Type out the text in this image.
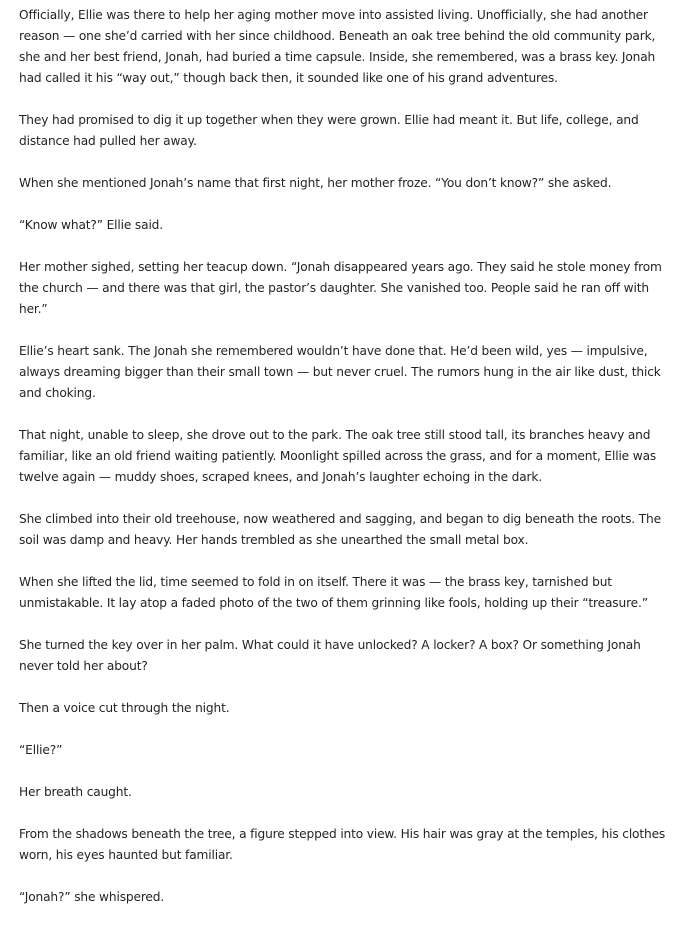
Officially, Ellie was there to help her aging mother move into assisted living. Unofficially, she had another reason — one she’d carried with her since childhood. Beneath an oak tree behind the old community park, she and her best friend, Jonah, had buried a time capsule. Inside, she remembered, was a brass key. Jonah had called it his “way out,” though back then, it sounded like one of his grand adventures.

They had promised to dig it up together when they were grown. Ellie had meant it. But life, college, and distance had pulled her away.

When she mentioned Jonah’s name that first night, her mother froze. “You don’t know?” she asked.

“Know what?” Ellie said.

Her mother sighed, setting her teacup down. “Jonah disappeared years ago. They said he stole money from the church — and there was that girl, the pastor’s daughter. She vanished too. People said he ran off with her.”

Ellie’s heart sank. The Jonah she remembered wouldn’t have done that. He’d been wild, yes — impulsive, always dreaming bigger than their small town — but never cruel. The rumors hung in the air like dust, thick and choking.

That night, unable to sleep, she drove out to the park. The oak tree still stood tall, its branches heavy and familiar, like an old friend waiting patiently. Moonlight spilled across the grass, and for a moment, Ellie was twelve again — muddy shoes, scraped knees, and Jonah’s laughter echoing in the dark.

She climbed into their old treehouse, now weathered and sagging, and began to dig beneath the roots. The soil was damp and heavy. Her hands trembled as she unearthed the small metal box.

When she lifted the lid, time seemed to fold in on itself. There it was — the brass key, tarnished but unmistakable. It lay atop a faded photo of the two of them grinning like fools, holding up their “treasure.”

She turned the key over in her palm. What could it have unlocked? A locker? A box? Or something Jonah never told her about?

Then a voice cut through the night.

“Ellie?”

Her breath caught.

From the shadows beneath the tree, a figure stepped into view. His hair was gray at the temples, his clothes worn, his eyes haunted but familiar.

“Jonah?” she whispered.
